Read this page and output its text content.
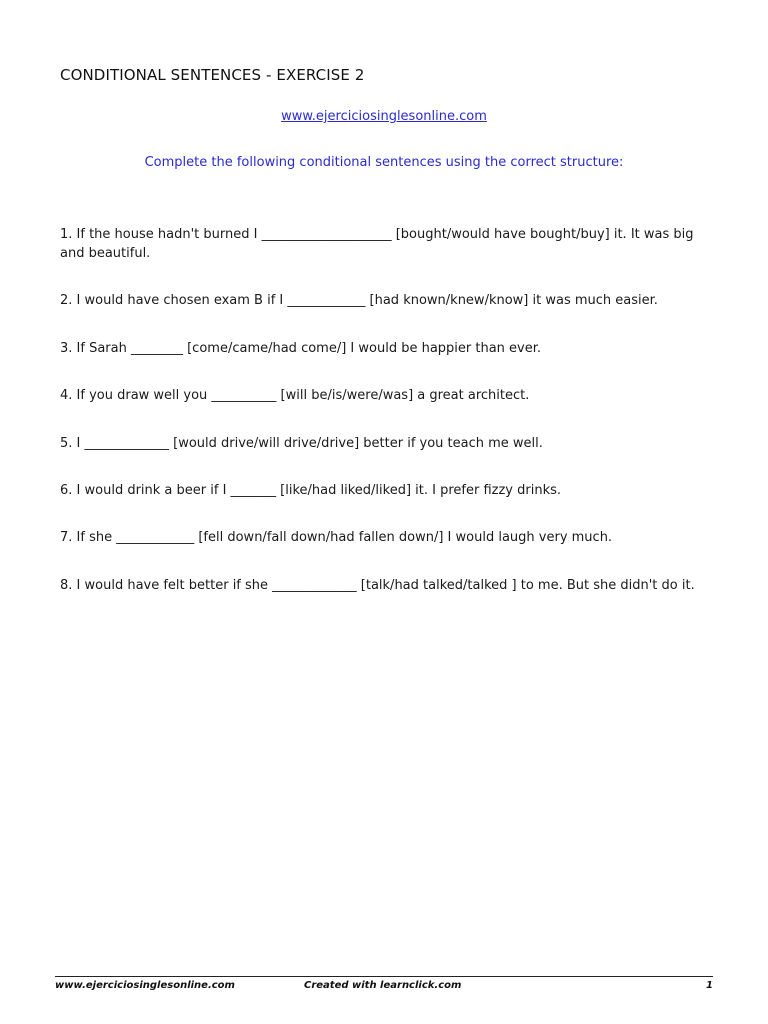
CONDITIONAL SENTENCES - EXERCISE 2
www.ejerciciosinglesonline.com
Complete the following conditional sentences using the correct structure:
1. If the house hadn't burned I ____________________ [bought/would have bought/buy] it. It was big and beautiful.
2. I would have chosen exam B if I ____________ [had known/knew/know] it was much easier.
3. If Sarah ________ [come/came/had come/] I would be happier than ever.
4. If you draw well you __________ [will be/is/were/was] a great architect.
5. I _____________ [would drive/will drive/drive] better if you teach me well.
6. I would drink a beer if I _______ [like/had liked/liked] it. I prefer fizzy drinks.
7. If she ____________ [fell down/fall down/had fallen down/] I would laugh very much.
8. I would have felt better if she _____________ [talk/had talked/talked ] to me. But she didn't do it.
www.ejerciciosinglesonline.com	Created with learnclick.com	1
